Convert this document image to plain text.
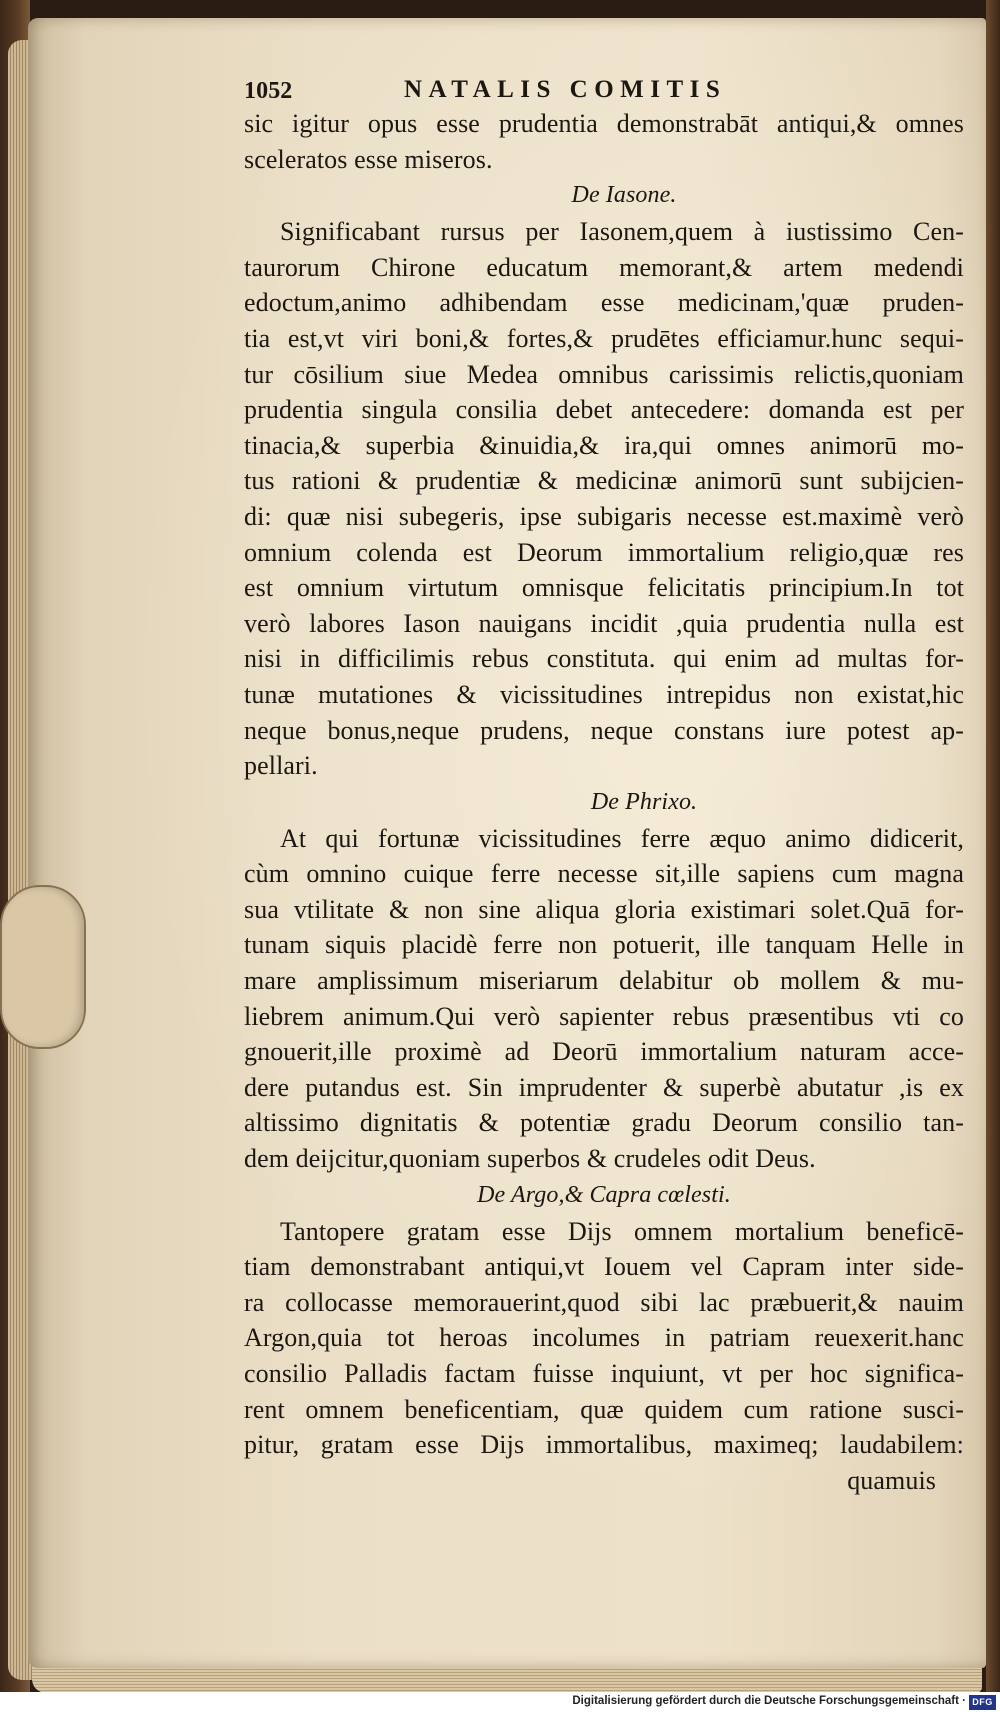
1052	NATALIS COMITIS
sic igitur opus esse prudentia demonstrabāt antiqui,& omnes
sceleratos esse miseros.
De Iasone.
Significabant rursus per Iasonem,quem à iustissimo Cen-
taurorum Chirone educatum memorant,& artem medendi
edoctum,animo adhibendam esse medicinam,'quæ pruden-
tia est,vt viri boni,& fortes,& prudētes efficiamur.hunc sequi-
tur cōsilium siue Medea omnibus carissimis relictis,quoniam
prudentia singula consilia debet antecedere: domanda est per
tinacia,& superbia &inuidia,& ira,qui omnes animorū mo-
tus rationi & prudentiæ & medicinæ animorū sunt subijcien-
di: quæ nisi subegeris, ipse subigaris necesse est.maximè verò
omnium colenda est Deorum immortalium religio,quæ res
est omnium virtutum omnisque felicitatis principium.In tot
verò labores Iason nauigans incidit ,quia prudentia nulla est
nisi in difficilimis rebus constituta. qui enim ad multas for-
tunæ mutationes & vicissitudines intrepidus non existat,hic
neque bonus,neque prudens, neque constans iure potest ap-
pellari.
De Phrixo.
At qui fortunæ vicissitudines ferre æquo animo didicerit,
cùm omnino cuique ferre necesse sit,ille sapiens cum magna
sua vtilitate & non sine aliqua gloria existimari solet.Quā for-
tunam siquis placidè ferre non potuerit, ille tanquam Helle in
mare amplissimum miseriarum delabitur ob mollem & mu-
liebrem animum.Qui verò sapienter rebus præsentibus vti co
gnouerit,ille proximè ad Deorū immortalium naturam acce-
dere putandus est. Sin imprudenter & superbè abutatur ,is ex
altissimo dignitatis & potentiæ gradu Deorum consilio tan-
dem deijcitur,quoniam superbos & crudeles odit Deus.
De Argo,& Capra cœlesti.
Tantopere gratam esse Dijs omnem mortalium beneficē-
tiam demonstrabant antiqui,vt Iouem vel Capram inter side-
ra collocasse memorauerint,quod sibi lac præbuerit,& nauim
Argon,quia tot heroas incolumes in patriam reuexerit.hanc
consilio Palladis factam fuisse inquiunt, vt per hoc significa-
rent omnem beneficentiam, quæ quidem cum ratione susci-
pitur, gratam esse Dijs immortalibus, maximeq; laudabilem:
quamuis
Digitalisierung gefördert durch die Deutsche Forschungsgemeinschaft · DFG
